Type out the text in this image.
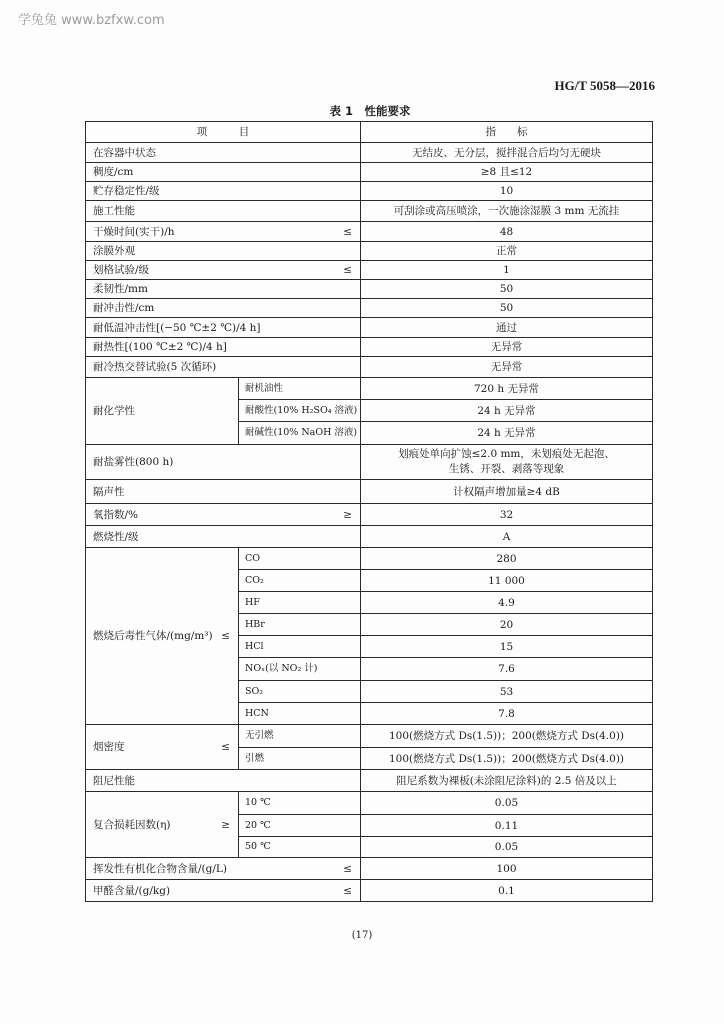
学兔兔 www.bzfxw.com
HG/T 5058—2016
表 1　性能要求
项　　　目		指　　标
在容器中状态		无结皮、无分层，搅拌混合后均匀无硬块
稠度/cm		≥8 且≤12
贮存稳定性/级		10
施工性能		可刮涂或高压喷涂，一次施涂湿膜 3 mm 无流挂

干燥时间(实干)/h ≤		48
涂膜外观		正常

划格试验/级 ≤		1
柔韧性/mm		50
耐冲击性/cm		50
耐低温冲击性[(−50 ℃±2 ℃)/4 h]		通过
耐热性[(100 ℃±2 ℃)/4 h]		无异常
耐冷热交替试验(5 次循环)		无异常
耐化学性	耐机油性	720 h 无异常
	耐酸性(10% H₂SO₄ 溶液)	24 h 无异常
	耐碱性(10% NaOH 溶液)	24 h 无异常
耐盐雾性(800 h)		划痕处单向扩蚀≤2.0 mm，未划痕处无起泡、
生锈、开裂、剥落等现象

隔声性		计权隔声增加量≥4 dB

氧指数/% ≥		32
燃烧性/级		A

燃烧后毒性气体/(mg/m³) ≤	CO	280
	CO₂	11 000
	HF	4.9
	HBr	20
	HCl	15
	NOₓ(以 NO₂ 计)	7.6
	SO₂	53
	HCN	7.8

烟密度 ≤	无引燃	100(燃烧方式 Ds(1.5))；200(燃烧方式 Ds(4.0))
	引燃	100(燃烧方式 Ds(1.5))；200(燃烧方式 Ds(4.0))
阻尼性能		阻尼系数为裸板(未涂阻尼涂料)的 2.5 倍及以上

复合损耗因数(η) ≥	10 ℃	0.05
	20 ℃	0.11
	50 ℃	0.05

挥发性有机化合物含量/(g/L) ≤		100

甲醛含量/(g/kg) ≤		0.1
(17)
